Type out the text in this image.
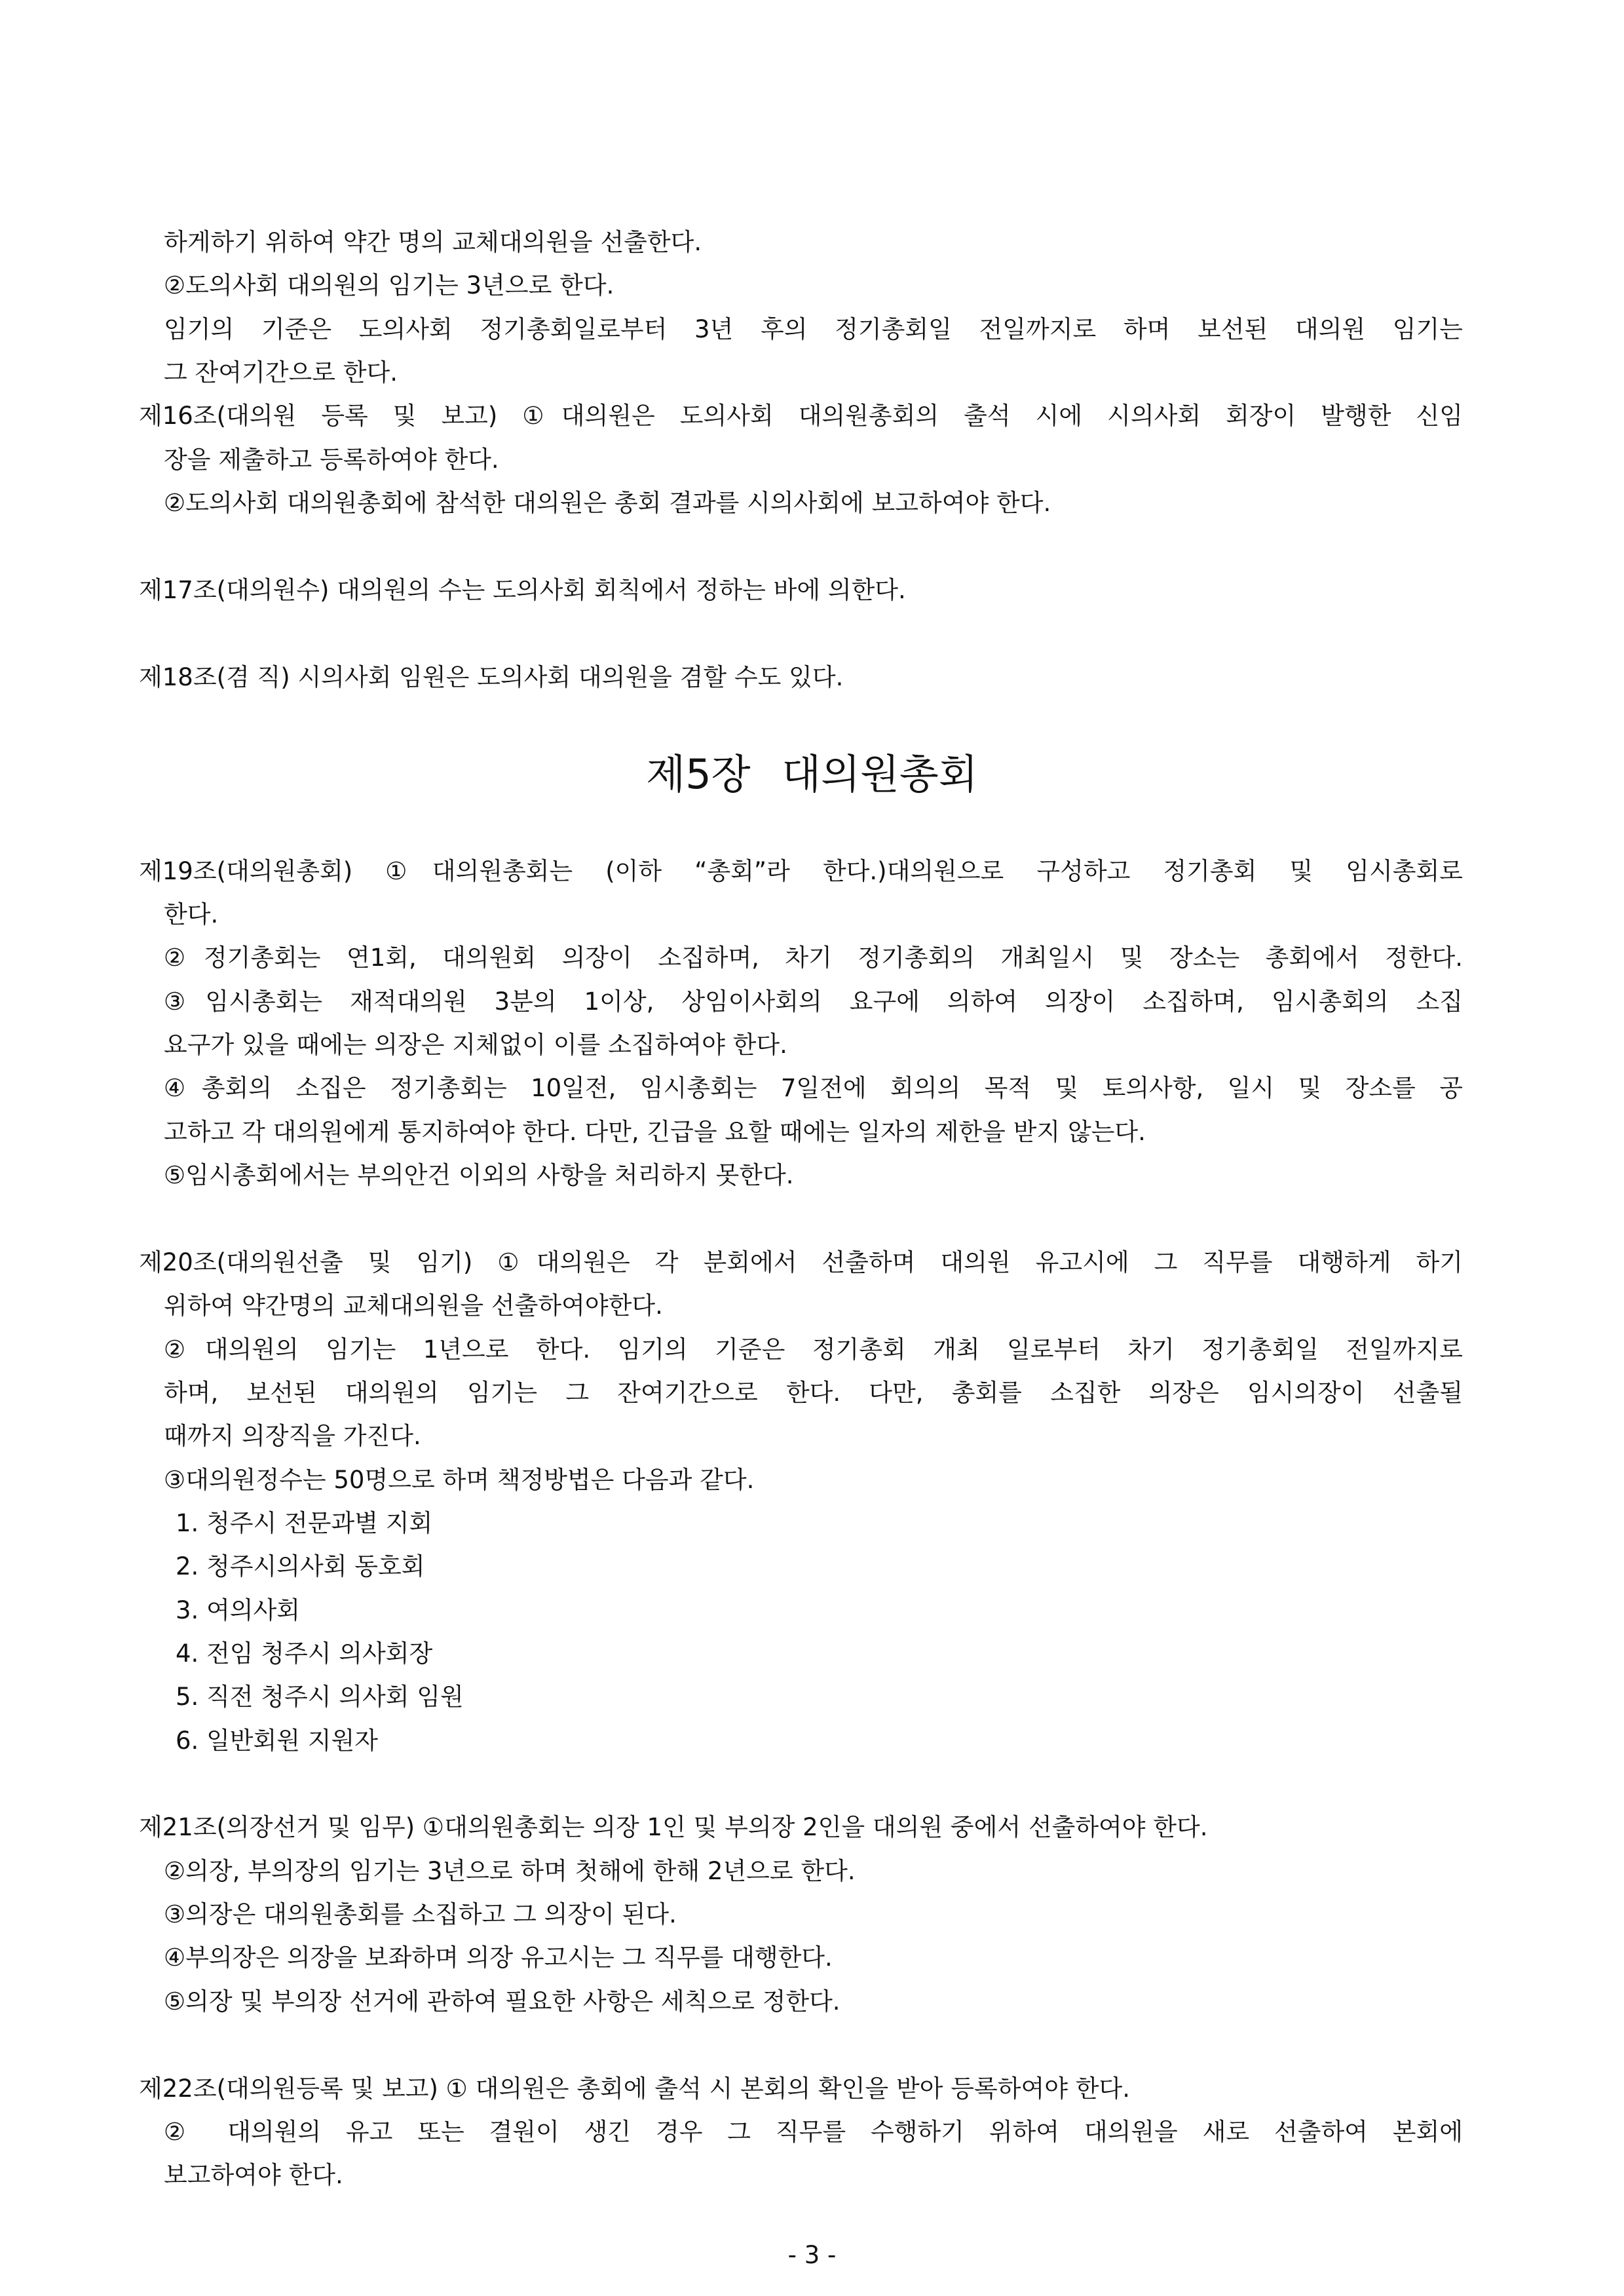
하게하기 위하여 약간 명의 교체대의원을 선출한다.
②도의사회 대의원의 임기는 3년으로 한다.
임기의 기준은 도의사회 정기총회일로부터 3년 후의 정기총회일 전일까지로 하며 보선된 대의원 임기는
그 잔여기간으로 한다.
제16조(대의원 등록 및 보고) ①대의원은 도의사회 대의원총회의 출석 시에 시의사회 회장이 발행한 신임
장을 제출하고 등록하여야 한다.
②도의사회 대의원총회에 참석한 대의원은 총회 결과를 시의사회에 보고하여야 한다.
제17조(대의원수) 대의원의 수는 도의사회 회칙에서 정하는 바에 의한다.
제18조(겸 직) 시의사회 임원은 도의사회 대의원을 겸할 수도 있다.
제5장 대의원총회
제19조(대의원총회) ①대의원총회는 (이하 “총회”라 한다.)대의원으로 구성하고 정기총회 및 임시총회로
한다.
②정기총회는 연1회, 대의원회 의장이 소집하며, 차기 정기총회의 개최일시 및 장소는 총회에서 정한다.
③임시총회는 재적대의원 3분의 1이상, 상임이사회의 요구에 의하여 의장이 소집하며, 임시총회의 소집
요구가 있을 때에는 의장은 지체없이 이를 소집하여야 한다.
④총회의 소집은 정기총회는 10일전, 임시총회는 7일전에 회의의 목적 및 토의사항, 일시 및 장소를 공
고하고 각 대의원에게 통지하여야 한다. 다만, 긴급을 요할 때에는 일자의 제한을 받지 않는다.
⑤임시총회에서는 부의안건 이외의 사항을 처리하지 못한다.
제20조(대의원선출 및 임기) ①대의원은 각 분회에서 선출하며 대의원 유고시에 그 직무를 대행하게 하기
위하여 약간명의 교체대의원을 선출하여야한다.
②대의원의 임기는 1년으로 한다. 임기의 기준은 정기총회 개최 일로부터 차기 정기총회일 전일까지로
하며, 보선된 대의원의 임기는 그 잔여기간으로 한다. 다만, 총회를 소집한 의장은 임시의장이 선출될
때까지 의장직을 가진다.
③대의원정수는 50명으로 하며 책정방법은 다음과 같다.
1. 청주시 전문과별 지회
2. 청주시의사회 동호회
3. 여의사회
4. 전임 청주시 의사회장
5. 직전 청주시 의사회 임원
6. 일반회원 지원자
제21조(의장선거 및 임무) ①대의원총회는 의장 1인 및 부의장 2인을 대의원 중에서 선출하여야 한다.
②의장, 부의장의 임기는 3년으로 하며 첫해에 한해 2년으로 한다.
③의장은 대의원총회를 소집하고 그 의장이 된다.
④부의장은 의장을 보좌하며 의장 유고시는 그 직무를 대행한다.
⑤의장 및 부의장 선거에 관하여 필요한 사항은 세칙으로 정한다.
제22조(대의원등록 및 보고) ① 대의원은 총회에 출석 시 본회의 확인을 받아 등록하여야 한다.
② 대의원의 유고 또는 결원이 생긴 경우 그 직무를 수행하기 위하여 대의원을 새로 선출하여 본회에
보고하여야 한다.
- 3 -
